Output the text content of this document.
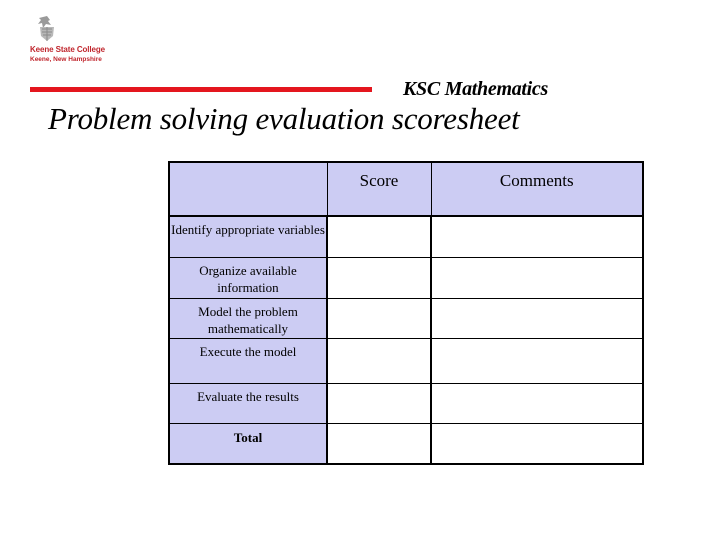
Keene State College
Keene, New Hampshire
KSC Mathematics
Problem solving evaluation scoresheet
	Score	Comments
Identify appropriate variables		
Organize available information		
Model the problem mathematically		
Execute the model		
Evaluate the results		
Total		
